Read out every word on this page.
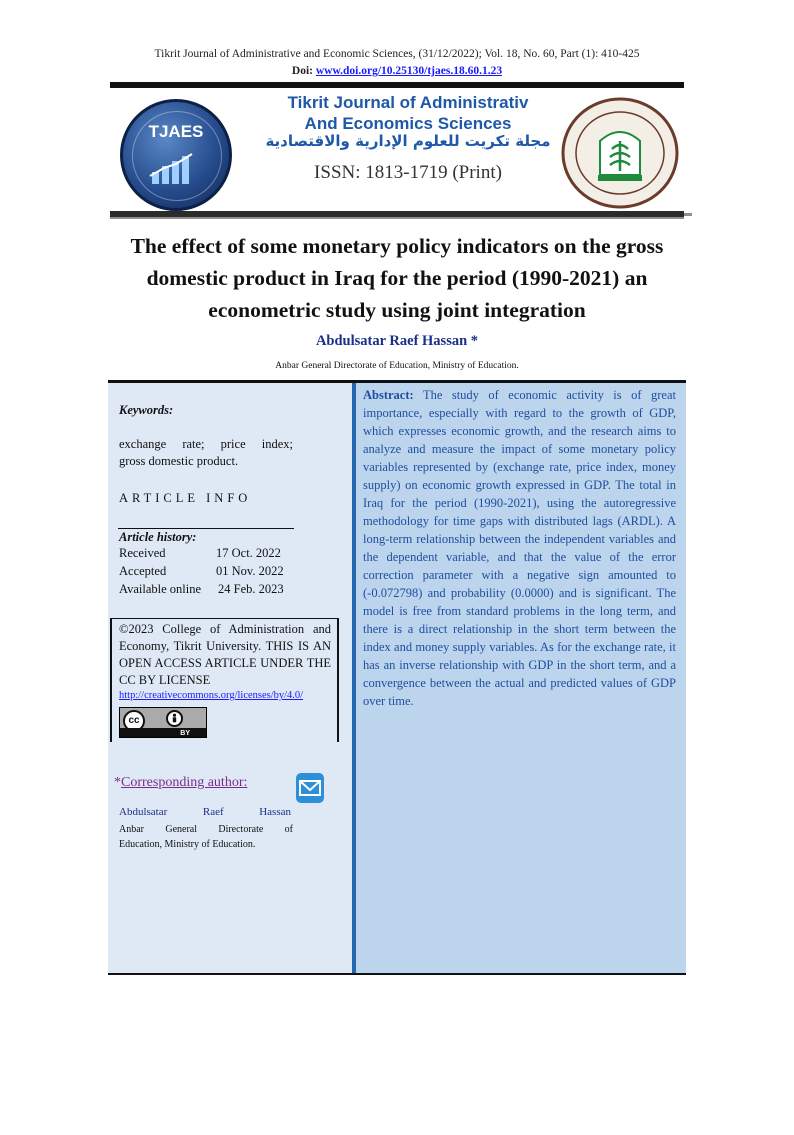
Tikrit Journal of Administrative and Economic Sciences, (31/12/2022); Vol. 18, No. 60, Part (1): 410-425
Doi: www.doi.org/10.25130/tjaes.18.60.1.23
TJAES
Tikrit Journal of Administrativ
And Economics Sciences
مجلة تكريت للعلوم الإدارية والاقتصادية
ISSN: 1813-1719 (Print)
The effect of some monetary policy indicators on the gross domestic product in Iraq for the period (1990-2021) an econometric study using joint integration
Abdulsatar Raef Hassan *
Anbar General Directorate of Education, Ministry of Education.
Keywords:
exchange rate; price index;
gross domestic product.
ARTICLE INFO
Article history:
Received	17 Oct. 2022
Accepted	01 Nov. 2022
Available online 24 Feb. 2023
©2023 College of Administration and Economy, Tikrit University. THIS IS AN OPEN ACCESS ARTICLE UNDER THE CC BY LICENSE
http://creativecommons.org/licenses/by/4.0/
cc
BY
*Corresponding author:
Abdulsatar Raef Hassan
Anbar General Directorate of
Education, Ministry of Education.
Abstract: The study of economic activity is of great importance, especially with regard to the growth of GDP, which expresses economic growth, and the research aims to analyze and measure the impact of some monetary policy variables represented by (exchange rate, price index, money supply) on economic growth expressed in GDP. The total in Iraq for the period (1990-2021), using the autoregressive methodology for time gaps with distributed lags (ARDL). A long-term relationship between the independent variables and the dependent variable, and that the value of the error correction parameter with a negative sign amounted to (-0.072798) and probability (0.0000) and is significant. The model is free from standard problems in the long term, and there is a direct relationship in the short term between the index and money supply variables. As for the exchange rate, it has an inverse relationship with GDP in the short term, and a convergence between the actual and predicted values of GDP over time.
